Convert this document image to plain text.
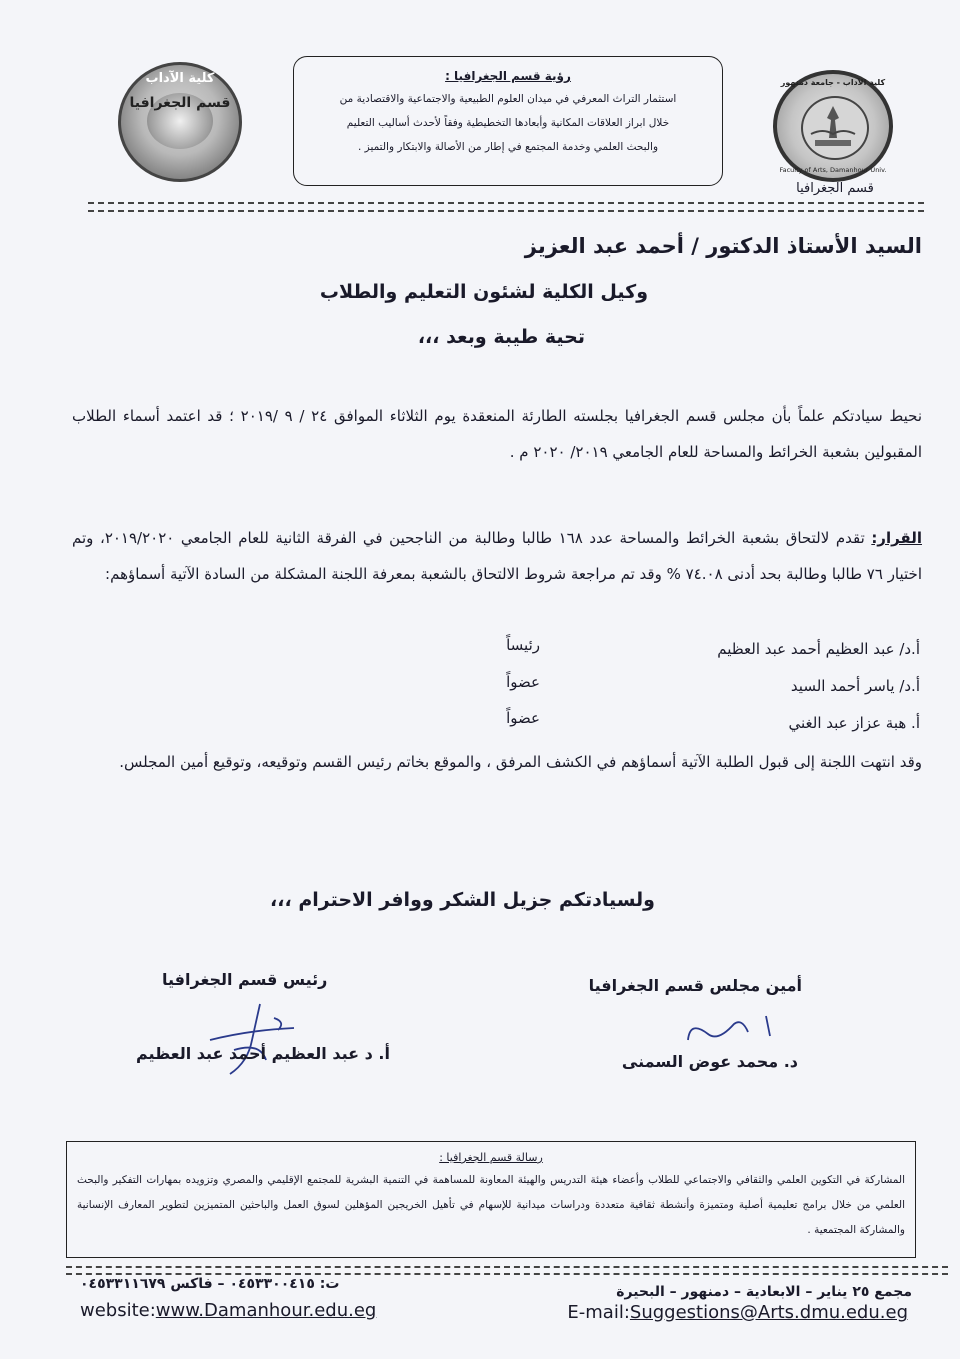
كلية الآداب
قسم الجغرافيا
كلية الآداب - جامعة دمنهور
Faculty of Arts, Damanhour Univ.
قسم الجغرافيا
رؤية قسم الجغرافيا :
استثمار التراث المعرفي في ميدان العلوم الطبيعية والاجتماعية والاقتصادية من
خلال ابراز العلاقات المكانية وأبعادها التخطيطية وفقاً لأحدث أساليب التعليم
والبحث العلمي وخدمة المجتمع في إطار من الأصالة والابتكار والتميز .
السيد الأستاذ الدكتور / أحمد عبد العزيز
وكيل الكلية لشئون التعليم والطلاب
تحية طيبة وبعد ،،،
نحيط سيادتكم علماً بأن مجلس قسم الجغرافيا بجلسته الطارئة المنعقدة يوم الثلاثاء الموافق ٢٤ / ٩ /٢٠١٩ ؛ قد اعتمد أسماء الطلاب المقبولين بشعبة الخرائط والمساحة للعام الجامعي ٢٠١٩/ ٢٠٢٠ م .
القرار: تقدم لالتحاق بشعبة الخرائط والمساحة عدد ١٦٨ طالبا وطالبة من الناجحين في الفرقة الثانية للعام الجامعي ٢٠١٩/٢٠٢٠، وتم اختيار ٧٦ طالبا وطالبة بحد أدنى ٧٤.٠٨ % وقد تم مراجعة شروط الالتحاق بالشعبة بمعرفة اللجنة المشكلة من السادة الآتية أسماؤهم:
أ.د/ عبد العظيم أحمد عبد العظيم
رئيساً
أ.د/ ياسر أحمد السيد
عضواً
أ. هبة عزاز عبد الغني
عضواً
وقد انتهت اللجنة إلى قبول الطلبة الآتية أسماؤهم في الكشف المرفق ، والموقع بخاتم رئيس القسم وتوقيعه، وتوقيع أمين المجلس.
ولسيادتكم جزيل الشكر ووافر الاحترام ،،،
أمين مجلس قسم الجغرافيا
د. محمد عوض السمنى
رئيس قسم الجغرافيا
أ. د عبد العظيم أحمد عبد العظيم
رسالة قسم الجغرافيا :
المشاركة في التكوين العلمي والثقافي والاجتماعي للطلاب وأعضاء هيئة التدريس والهيئة المعاونة للمساهمة في التنمية البشرية للمجتمع الإقليمي والمصري وتزويده بمهارات التفكير والبحث العلمي من خلال برامج تعليمية أصلية ومتميزة وأنشطة ثقافية متعددة ودراسات ميدانية للإسهام في تأهيل الخريجين المؤهلين لسوق العمل والباحثين المتميزين لتطوير المعارف الإنسانية والمشاركة المجتمعية .
مجمع ٢٥ يناير – الابعادية – دمنهور – البحيرة
E-mail:Suggestions@Arts.dmu.edu.eg
ت: ٠٤٥٣٣٠٠٤١٥ – فاكس ٠٤٥٣٣١١٦٧٩
website:www.Damanhour.edu.eg
